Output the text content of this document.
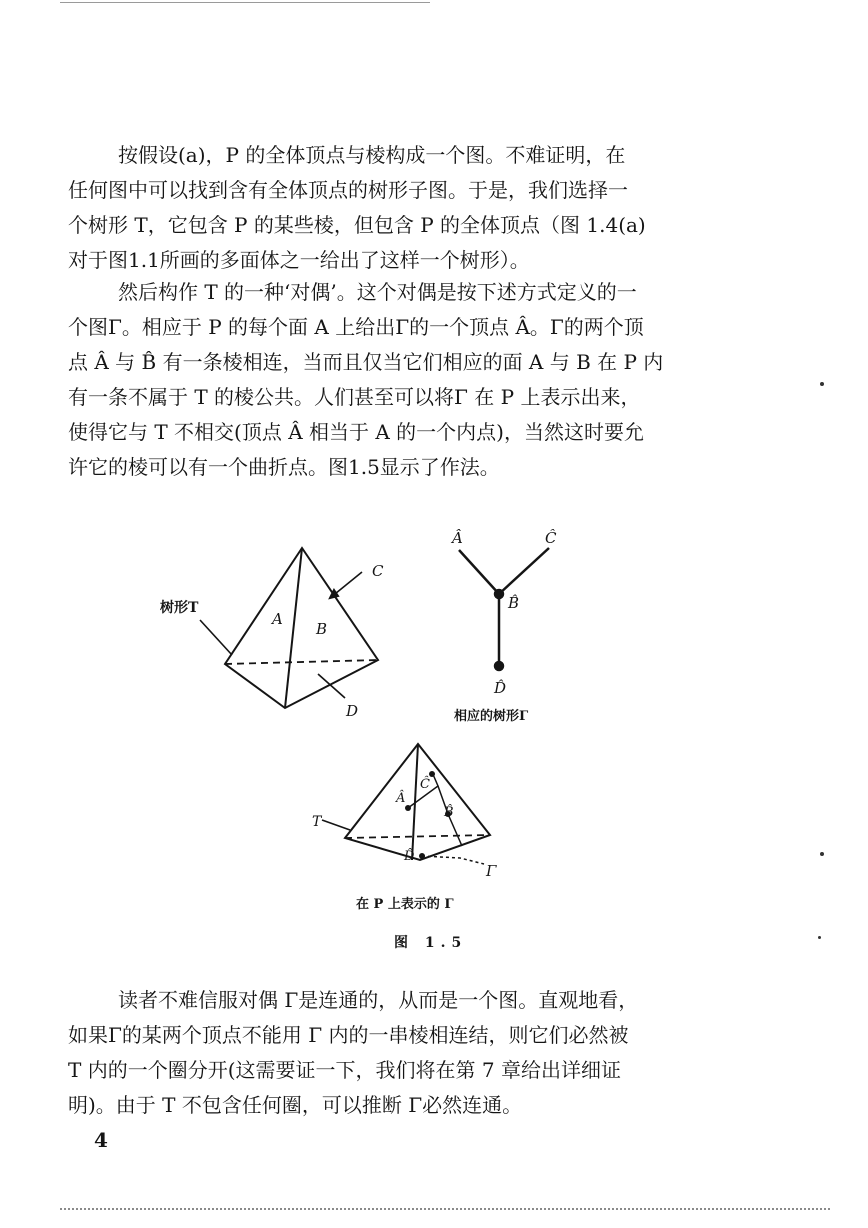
按假设(a)，P 的全体顶点与棱构成一个图。不难证明，在
任何图中可以找到含有全体顶点的树形子图。于是，我们选择一
个树形 T，它包含 P 的某些棱，但包含 P 的全体顶点（图 1.4(a)
对于图1.1所画的多面体之一给出了这样一个树形）。

然后构作 T 的一种‘对偶’。这个对偶是按下述方式定义的一
个图Γ。相应于 P 的每个面 A 上给出Γ的一个顶点 Â。Γ的两个顶
点 Â 与 B̂ 有一条棱相连，当而且仅当它们相应的面 A 与 B 在 P 内
有一条不属于 T 的棱公共。人们甚至可以将Γ 在 P 上表示出来，
使得它与 T 不相交(顶点 Â 相当于 A 的一个内点)，当然这时要允
许它的棱可以有一个曲折点。图1.5显示了作法。

树形T
A
B
C
D
Â	Ĉ
B̂
D̂
相应的树形Γ
T
Â
Ĉ
B̂
D̂
Γ
在 P 上表示的 Γ
图 1.5

读者不难信服对偶 Γ是连通的，从而是一个图。直观地看，
如果Γ的某两个顶点不能用 Γ 内的一串棱相连结，则它们必然被
T 内的一个圈分开(这需要证一下，我们将在第 7 章给出详细证
明)。由于 T 不包含任何圈，可以推断 Γ必然连通。

4
